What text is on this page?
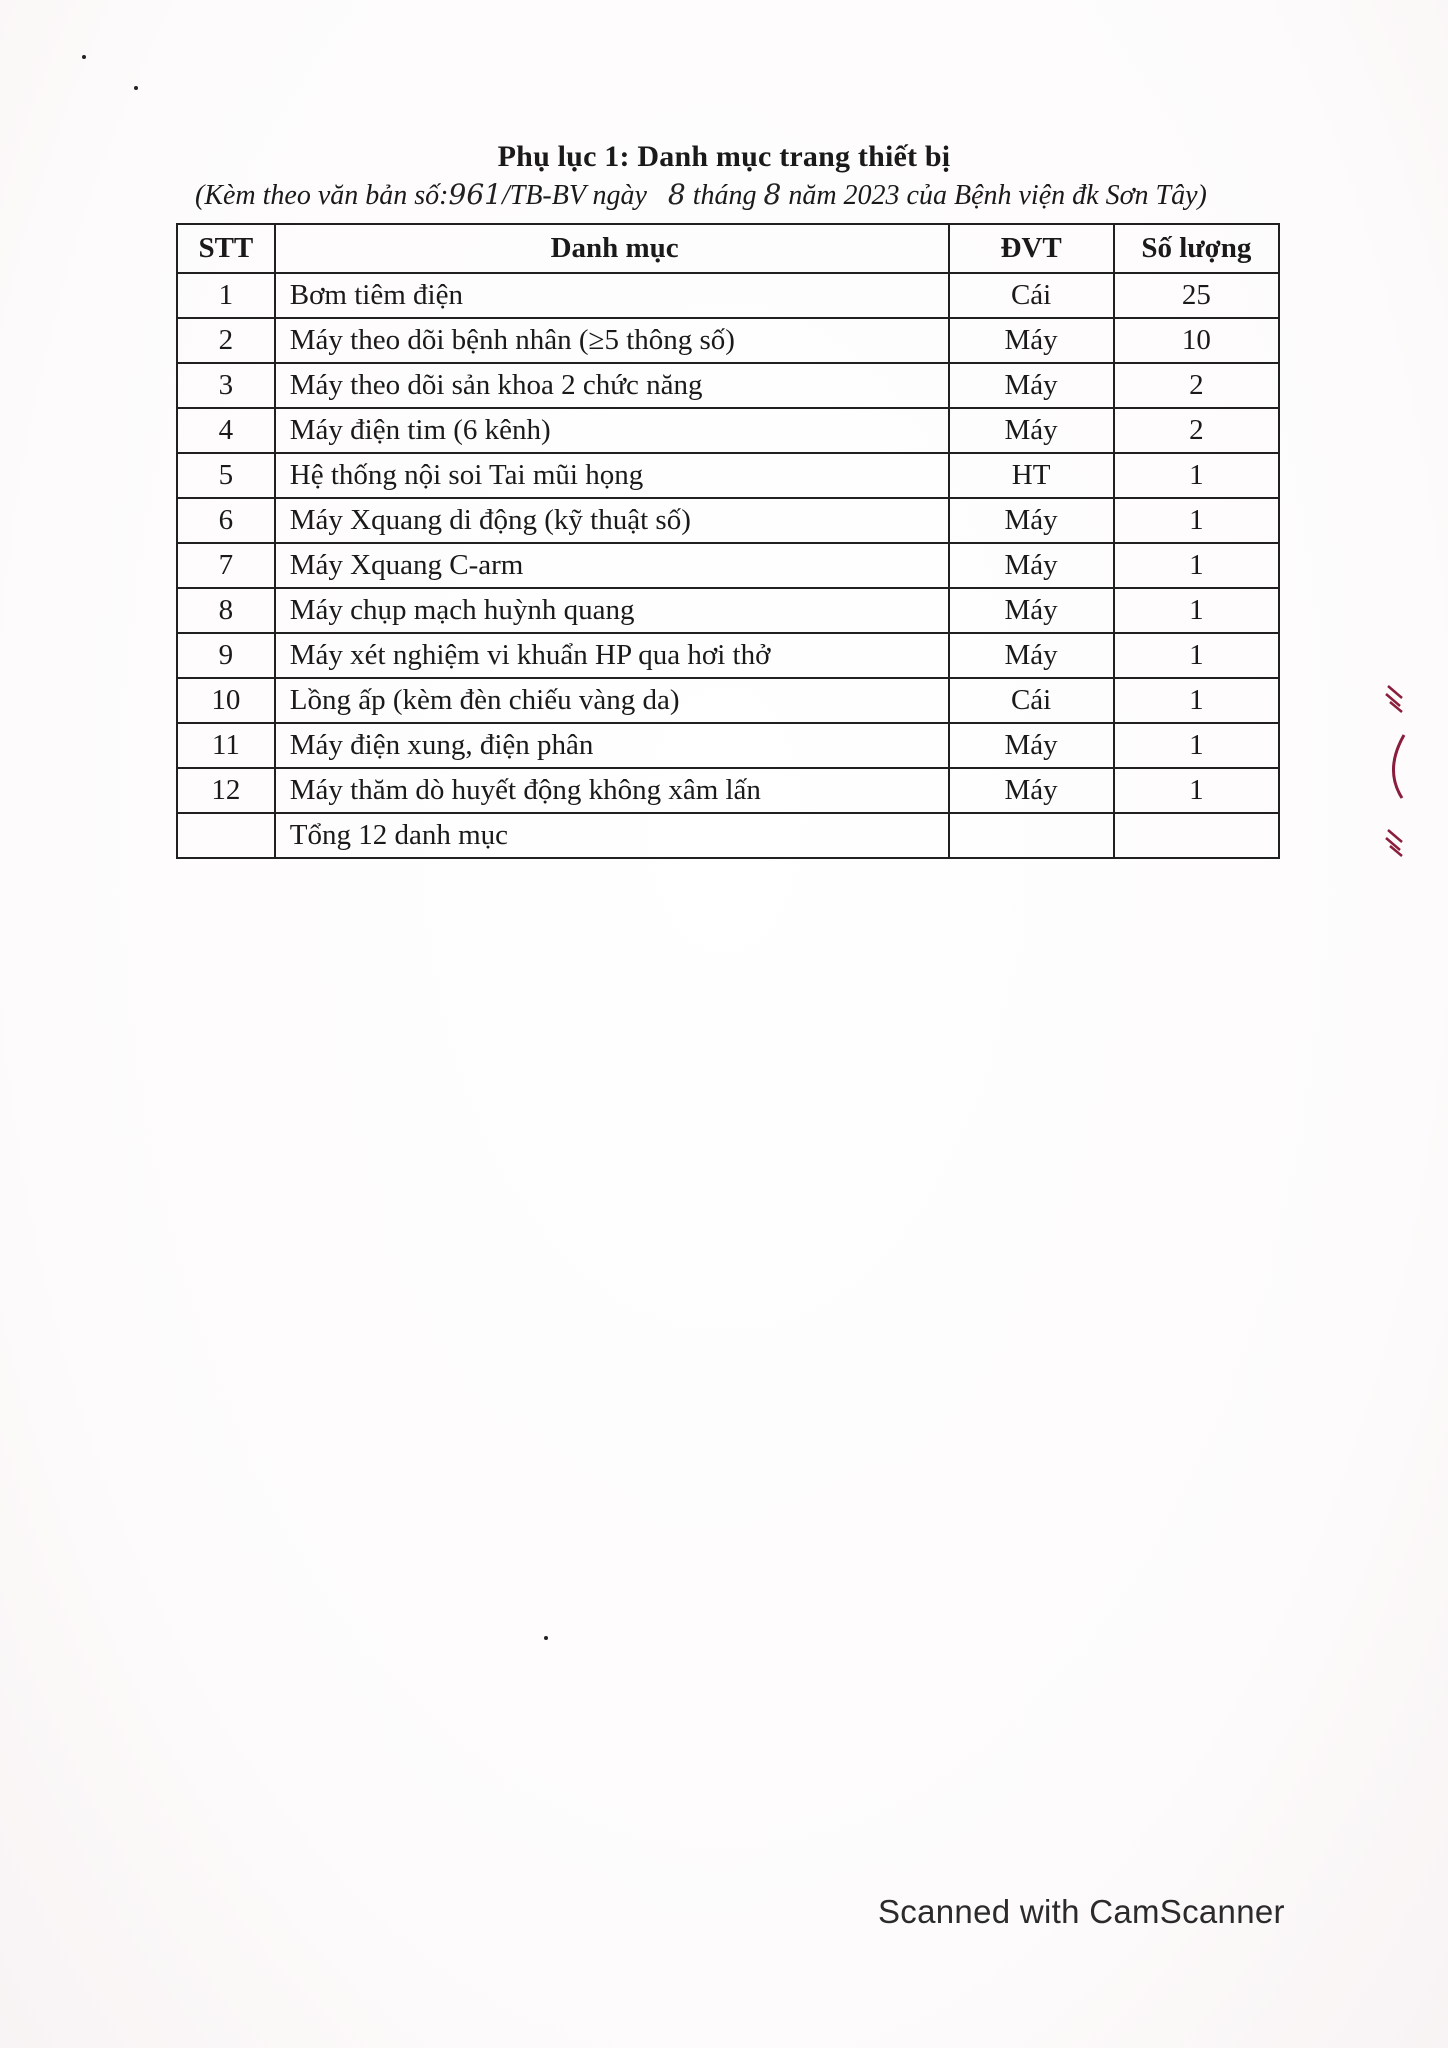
Phụ lục 1: Danh mục trang thiết bị
(Kèm theo văn bản số:961/TB-BV ngày 8 tháng 8 năm 2023 của Bệnh viện đk Sơn Tây)
STT	Danh mục	ĐVT	Số lượng
1	Bơm tiêm điện	Cái	25
2	Máy theo dõi bệnh nhân (≥5 thông số)	Máy	10
3	Máy theo dõi sản khoa 2 chức năng	Máy	2
4	Máy điện tim (6 kênh)	Máy	2
5	Hệ thống nội soi Tai mũi họng	HT	1
6	Máy Xquang di động (kỹ thuật số)	Máy	1
7	Máy Xquang C-arm	Máy	1
8	Máy chụp mạch huỳnh quang	Máy	1
9	Máy xét nghiệm vi khuẩn HP qua hơi thở	Máy	1
10	Lồng ấp (kèm đèn chiếu vàng da)	Cái	1
11	Máy điện xung, điện phân	Máy	1
12	Máy thăm dò huyết động không xâm lấn	Máy	1
	Tổng 12 danh mục		
Scanned with CamScanner
